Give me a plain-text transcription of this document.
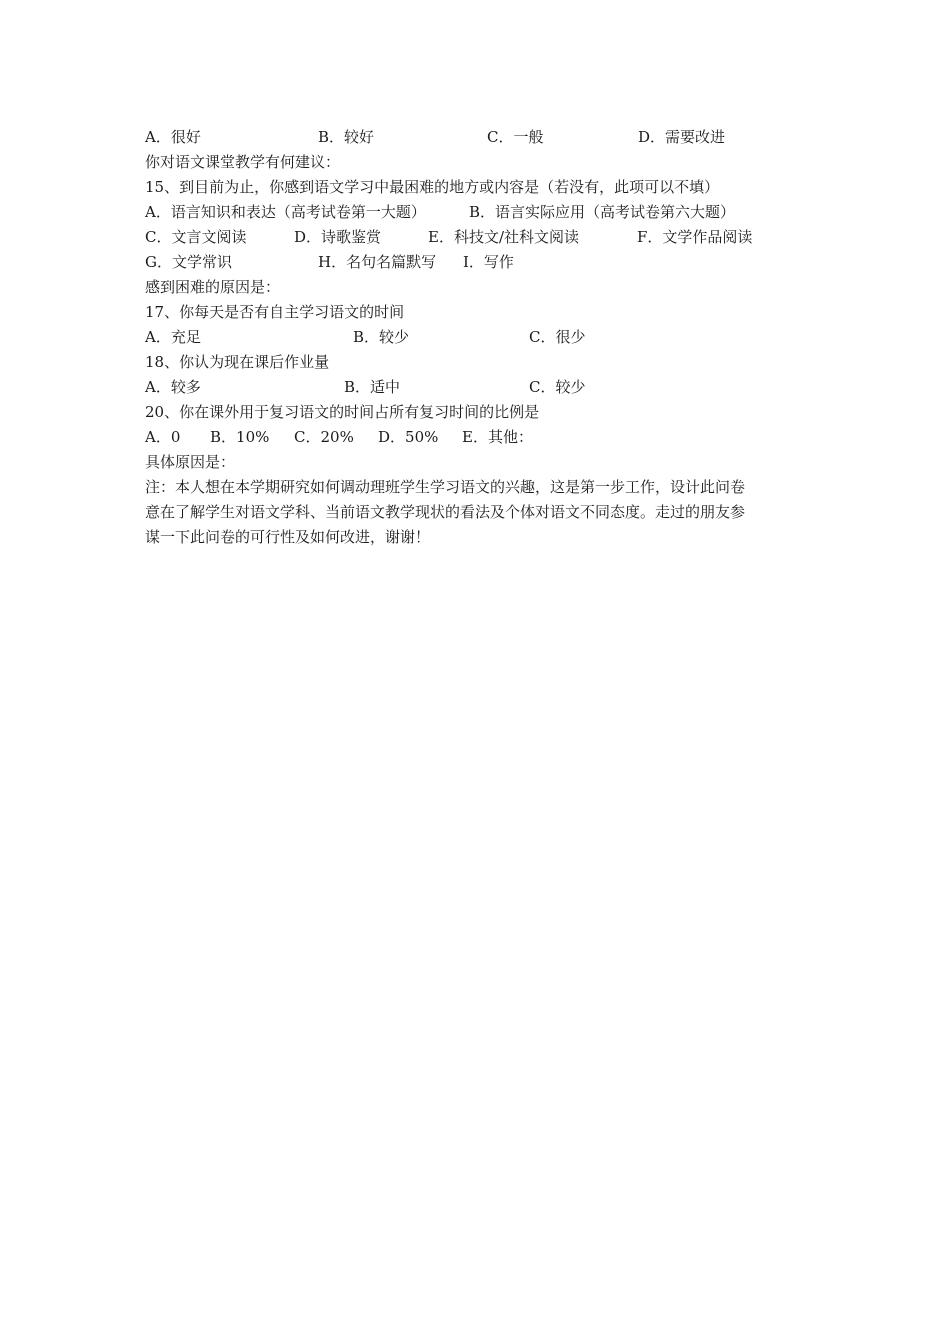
A．很好	B．较好	C．一般	D．需要改进
你对语文课堂教学有何建议：
15、到目前为止，你感到语文学习中最困难的地方或内容是（若没有，此项可以不填）
A．语言知识和表达（高考试卷第一大题）	B．语言实际应用（高考试卷第六大题）
C．文言文阅读	D．诗歌鉴赏	E．科技文/社科文阅读	F．文学作品阅读
G．文学常识	H．名句名篇默写 I．写作
感到困难的原因是：
17、你每天是否有自主学习语文的时间
A．充足	B．较少	C．很少
18、你认为现在课后作业量
A．较多	B．适中	C．较少
20、你在课外用于复习语文的时间占所有复习时间的比例是
A．0 B．10% C．20% D．50% E．其他：
具体原因是：
注：本人想在本学期研究如何调动理班学生学习语文的兴趣，这是第一步工作，设计此问卷
意在了解学生对语文学科、当前语文教学现状的看法及个体对语文不同态度。走过的朋友参
谋一下此问卷的可行性及如何改进，谢谢！
